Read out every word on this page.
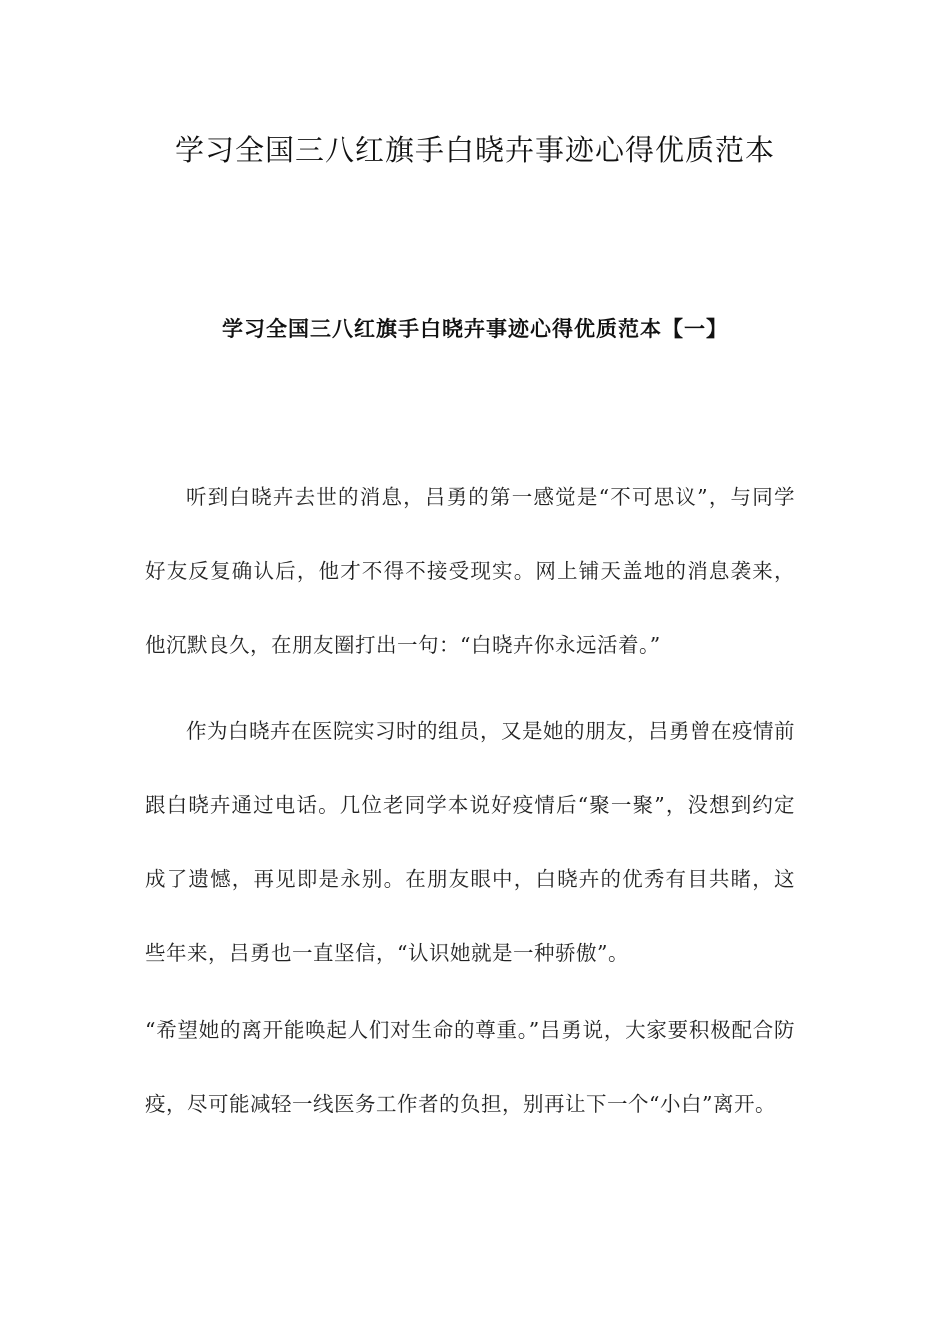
学习全国三八红旗手白晓卉事迹心得优质范本
学习全国三八红旗手白晓卉事迹心得优质范本【一】

听到白晓卉去世的消息，吕勇的第一感觉是“不可思议”，与同学好友反复确认后，他才不得不接受现实。网上铺天盖地的消息袭来，他沉默良久，在朋友圈打出一句：“白晓卉你永远活着。”

作为白晓卉在医院实习时的组员，又是她的朋友，吕勇曾在疫情前跟白晓卉通过电话。几位老同学本说好疫情后“聚一聚”，没想到约定成了遗憾，再见即是永别。在朋友眼中，白晓卉的优秀有目共睹，这些年来，吕勇也一直坚信，“认识她就是一种骄傲”。

“希望她的离开能唤起人们对生命的尊重。”吕勇说，大家要积极配合防疫，尽可能减轻一线医务工作者的负担，别再让下一个“小白”离开。
